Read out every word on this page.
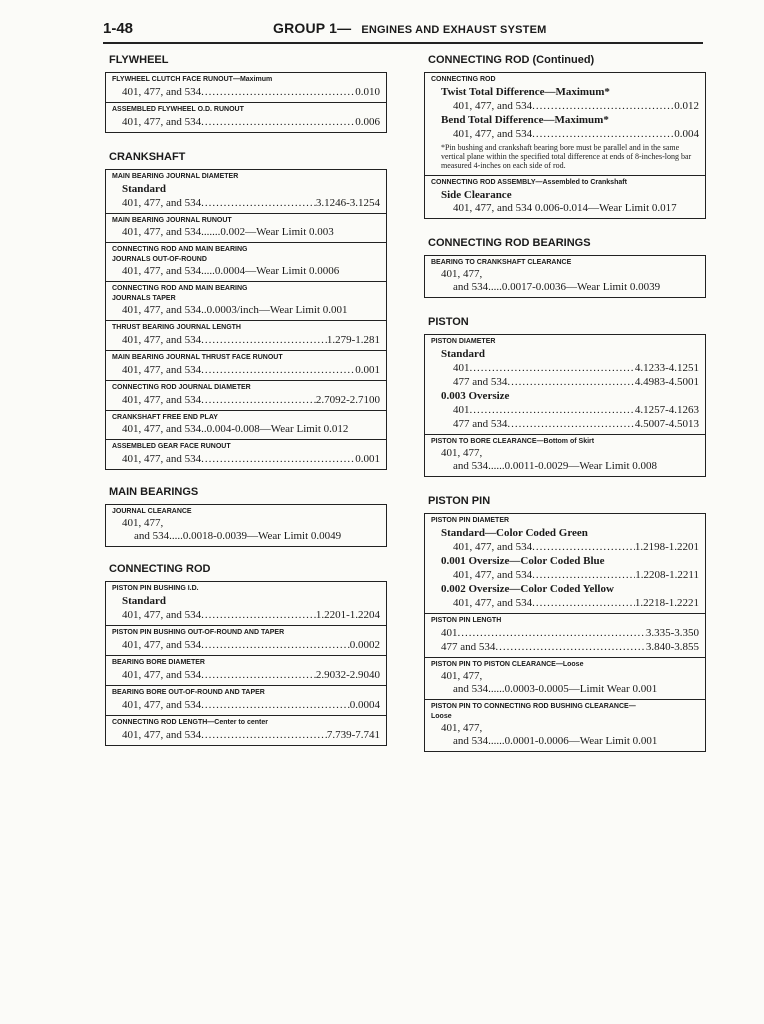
1-48	GROUP 1— ENGINES AND EXHAUST SYSTEM
FLYWHEEL
FLYWHEEL CLUTCH FACE RUNOUT—Maximum
401, 477, and 534 .....	0.010
ASSEMBLED FLYWHEEL O.D. RUNOUT
401, 477, and 534 .....	0.006
CRANKSHAFT
MAIN BEARING JOURNAL DIAMETER
Standard
401, 477, and 534 .....	3.1246-3.1254
MAIN BEARING JOURNAL RUNOUT
401, 477, and 534.......0.002—Wear Limit 0.003
CONNECTING ROD AND MAIN BEARING
JOURNALS OUT-OF-ROUND
401, 477, and 534.....0.0004—Wear Limit 0.0006
CONNECTING ROD AND MAIN BEARING
JOURNALS TAPER
401, 477, and 534..0.0003/inch—Wear Limit 0.001
THRUST BEARING JOURNAL LENGTH
401, 477, and 534 .....	1.279-1.281
MAIN BEARING JOURNAL THRUST FACE RUNOUT
401, 477, and 534 .....	0.001
CONNECTING ROD JOURNAL DIAMETER
401, 477, and 534 .....	2.7092-2.7100
CRANKSHAFT FREE END PLAY
401, 477, and 534..0.004-0.008—Wear Limit 0.012
ASSEMBLED GEAR FACE RUNOUT
401, 477, and 534 .....	0.001
MAIN BEARINGS
JOURNAL CLEARANCE
401, 477,
and 534.....0.0018-0.0039—Wear Limit 0.0049
CONNECTING ROD
PISTON PIN BUSHING I.D.
Standard
401, 477, and 534 .....	1.2201-1.2204
PISTON PIN BUSHING OUT-OF-ROUND AND TAPER
401, 477, and 534 .....	0.0002
BEARING BORE DIAMETER
401, 477, and 534 .....	2.9032-2.9040
BEARING BORE OUT-OF-ROUND AND TAPER
401, 477, and 534 .....	0.0004
CONNECTING ROD LENGTH—Center to center
401, 477, and 534 .....	7.739-7.741
CONNECTING ROD (Continued)
CONNECTING ROD
Twist Total Difference—Maximum*
401, 477, and 534 .....	0.012
Bend Total Difference—Maximum*
401, 477, and 534 .....	0.004
*Pin bushing and crankshaft bearing bore must be parallel and in the same vertical plane within the specified total difference at ends of 8-inches-long bar measured 4-inches on each side of rod.
CONNECTING ROD ASSEMBLY—Assembled to Crankshaft
Side Clearance
401, 477, and 534 0.006-0.014—Wear Limit 0.017
CONNECTING ROD BEARINGS
BEARING TO CRANKSHAFT CLEARANCE
401, 477,
and 534.....0.0017-0.0036—Wear Limit 0.0039
PISTON
PISTON DIAMETER
Standard
401 .....	4.1233-4.1251
477 and 534 .....	4.4983-4.5001
0.003 Oversize
401 .....	4.1257-4.1263
477 and 534 .....	4.5007-4.5013
PISTON TO BORE CLEARANCE—Bottom of Skirt
401, 477,
and 534......0.0011-0.0029—Wear Limit 0.008
PISTON PIN
PISTON PIN DIAMETER
Standard—Color Coded Green
401, 477, and 534 .....	1.2198-1.2201
0.001 Oversize—Color Coded Blue
401, 477, and 534 .....	1.2208-1.2211
0.002 Oversize—Color Coded Yellow
401, 477, and 534 .....	1.2218-1.2221
PISTON PIN LENGTH
401 .....	3.335-3.350
477 and 534 .....	3.840-3.855
PISTON PIN TO PISTON CLEARANCE—Loose
401, 477,
and 534......0.0003-0.0005—Limit Wear 0.001
PISTON PIN TO CONNECTING ROD BUSHING CLEARANCE—
Loose
401, 477,
and 534......0.0001-0.0006—Wear Limit 0.001
